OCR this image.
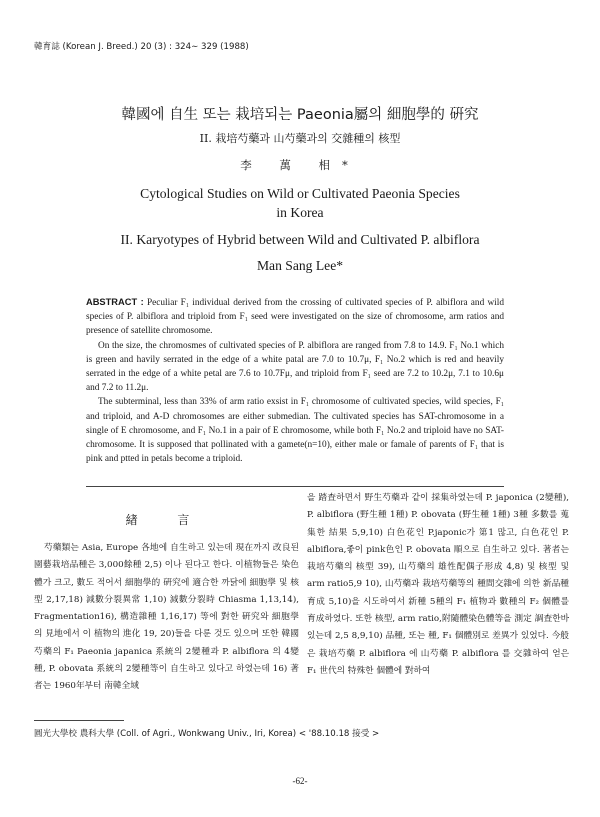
韓育誌 (Korean J. Breed.) 20 (3) : 324∼ 329 (1988)
韓國에 自生 또는 栽培되는 Paeonia屬의 細胞學的 硏究
II. 栽培芍藥과 山芍藥과의 交雜種의 核型
李 萬 相*
Cytological Studies on Wild or Cultivated Paeonia Species
in Korea
II. Karyotypes of Hybrid between Wild and Cultivated P. albiflora
Man Sang Lee*

ABSTRACT : Peculiar F₁ individual derived from the crossing of cultivated species of P. albiflora and wild species of P. albiflora and triploid from F₁ seed were investigated on the size of chromosome, arm ratios and presence of satellite chromosome.

On the size, the chromosmes of cultivated species of P. albiflora are ranged from 7.8 to 14.9. F₁ No.1 which is green and havily serrated in the edge of a white patal are 7.0 to 10.7μ, F₁ No.2 which is red and heavily serrated in the edge of a white petal are 7.6 to 10.7Fμ, and triploid from F₁ seed are 7.2 to 10.2μ, 7.1 to 10.6μ and 7.2 to 11.2μ.

The subterminal, less than 33% of arm ratio exsist in F₁ chromosome of cultivated species, wild species, F₁ and triploid, and A-D chromosomes are either submedian. The cultivated species has SAT-chromosome in a single of E chromosome, and F₁ No.1 in a pair of E chromosome, while both F₁ No.2 and triploid have no SAT-chromosome. It is supposed that pollinated with a gamete(n=10), either male or famale of parents of F₁ that is pink and ptted in petals become a triploid.

緖 言

芍藥類는 Asia, Europe 各地에 自生하고 있는데 現在까지 改良된 園藝栽培品種은 3,000餘種 2,5) 이나 된다고 한다. 이植物들은 染色體가 크고, 數도 적어서 細胞學的 硏究에 適合한 까닭에 細胞學 및 核型 2,17,18) 減數分裂異常 1,10) 減數分裂時 Chiasma 1,13,14), Fragmentation16), 構造雜種 1,16,17) 等에 對한 硏究와 細胞學의 見地에서 이 植物의 進化 19, 20)들을 다룬 것도 있으며 또한 韓國芍藥의 F₁ Paeonia japanica 系統의 2變種과 P. albiflora 의 4變種, P. obovata 系統의 2變種等이 自生하고 있다고 하였는데 16) 著者는 1960年부터 南韓全域

을 踏査하면서 野生芍藥과 같이 採集하였는데 P. japonica (2變種), P. albiflora (野生種 1種) P. obovata (野生種 1種) 3種 多數를 蒐集한 結果 5,9,10) 白色花인 P.japonic가 第1 많고, 白色花인 P. albiflora,좋이 pink色인 P. obovata 順으로 自生하고 있다. 著者는 栽培芍藥의 核型 39), 山芍藥의 雄性配偶子形成 4,8) 및 核型 및 arm ratio5,9 10), 山芍藥과 栽培芍藥等의 種間交雜에 의한 新品種育成 5,10)을 시도하여서 新種 5種의 F₁ 植物과 數種의 F₂ 個體를 育成하였다. 또한 核型, arm ratio,附隨體染色體等을 測定 調査한바 있는데 2,5 8,9,10) 品種, 또는 種, F₁ 個體別로 差異가 있었다. 今般은 栽培芍藥 P. albiflora 에 山芍藥 P. albiflora 를 交雜하여 얻은 F₁ 世代의 特殊한 個體에 對하여

圓光大學校 農科大學 (Coll. of Agri., Wonkwang Univ., Iri, Korea) < '88.10.18 接受 >
-62-
